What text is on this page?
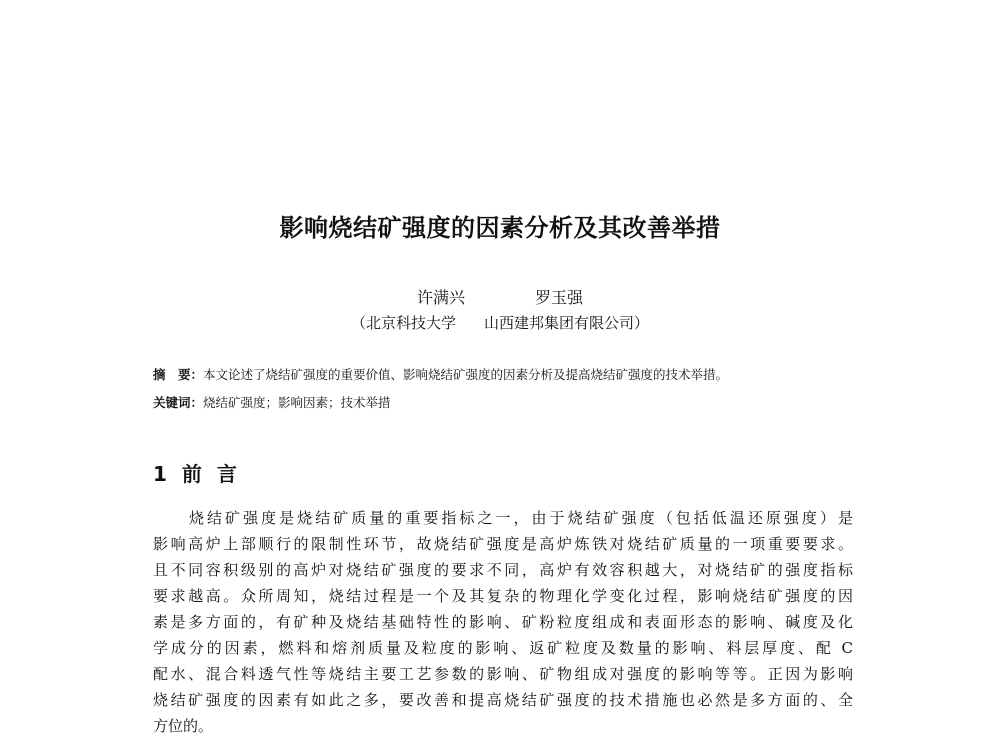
影响烧结矿强度的因素分析及其改善举措
许满兴	罗玉强
（北京科技大学 山西建邦集团有限公司）
摘　要：本文论述了烧结矿强度的重要价值、影响烧结矿强度的因素分析及提高烧结矿强度的技术举措。
关键词：烧结矿强度；影响因素；技术举措
1 前 言
烧结矿强度是烧结矿质量的重要指标之一，由于烧结矿强度（包括低温还原强度）是
影响高炉上部顺行的限制性环节，故烧结矿强度是高炉炼铁对烧结矿质量的一项重要要求。
且不同容积级别的高炉对烧结矿强度的要求不同，高炉有效容积越大，对烧结矿的强度指标
要求越高。众所周知，烧结过程是一个及其复杂的物理化学变化过程，影响烧结矿强度的因
素是多方面的，有矿种及烧结基础特性的影响、矿粉粒度组成和表面形态的影响、碱度及化
学成分的因素，燃料和熔剂质量及粒度的影响、返矿粒度及数量的影响、料层厚度、配 C
配水、混合料透气性等烧结主要工艺参数的影响、矿物组成对强度的影响等等。正因为影响
烧结矿强度的因素有如此之多，要改善和提高烧结矿强度的技术措施也必然是多方面的、全
方位的。
